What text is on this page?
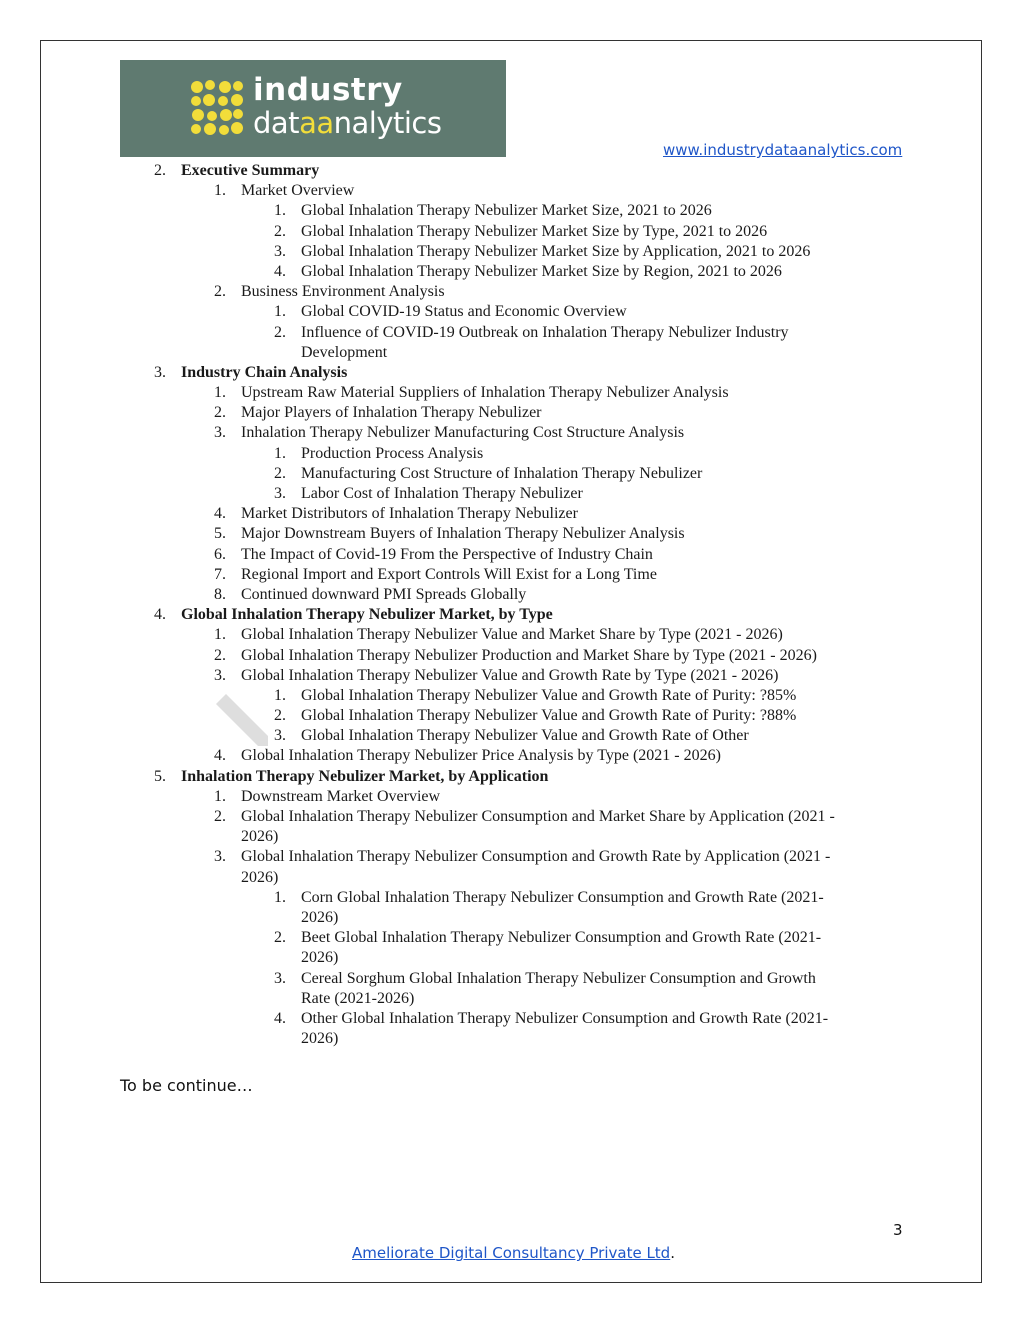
industry
dataanalytics
www.industrydataanalytics.com
2. Executive Summary
1. Market Overview
1. Global Inhalation Therapy Nebulizer Market Size, 2021 to 2026
2. Global Inhalation Therapy Nebulizer Market Size by Type, 2021 to 2026
3. Global Inhalation Therapy Nebulizer Market Size by Application, 2021 to 2026
4. Global Inhalation Therapy Nebulizer Market Size by Region, 2021 to 2026
2. Business Environment Analysis
1. Global COVID-19 Status and Economic Overview
2. Influence of COVID-19 Outbreak on Inhalation Therapy Nebulizer Industry
Development
3. Industry Chain Analysis
1. Upstream Raw Material Suppliers of Inhalation Therapy Nebulizer Analysis
2. Major Players of Inhalation Therapy Nebulizer
3. Inhalation Therapy Nebulizer Manufacturing Cost Structure Analysis
1. Production Process Analysis
2. Manufacturing Cost Structure of Inhalation Therapy Nebulizer
3. Labor Cost of Inhalation Therapy Nebulizer
4. Market Distributors of Inhalation Therapy Nebulizer
5. Major Downstream Buyers of Inhalation Therapy Nebulizer Analysis
6. The Impact of Covid-19 From the Perspective of Industry Chain
7. Regional Import and Export Controls Will Exist for a Long Time
8. Continued downward PMI Spreads Globally
4. Global Inhalation Therapy Nebulizer Market, by Type
1. Global Inhalation Therapy Nebulizer Value and Market Share by Type (2021 - 2026)
2. Global Inhalation Therapy Nebulizer Production and Market Share by Type (2021 - 2026)
3. Global Inhalation Therapy Nebulizer Value and Growth Rate by Type (2021 - 2026)
1. Global Inhalation Therapy Nebulizer Value and Growth Rate of Purity: ?85%
2. Global Inhalation Therapy Nebulizer Value and Growth Rate of Purity: ?88%
3. Global Inhalation Therapy Nebulizer Value and Growth Rate of Other
4. Global Inhalation Therapy Nebulizer Price Analysis by Type (2021 - 2026)
5. Inhalation Therapy Nebulizer Market, by Application
1. Downstream Market Overview
2. Global Inhalation Therapy Nebulizer Consumption and Market Share by Application (2021 -
2026)
3. Global Inhalation Therapy Nebulizer Consumption and Growth Rate by Application (2021 -
2026)
1. Corn Global Inhalation Therapy Nebulizer Consumption and Growth Rate (2021-
2026)
2. Beet Global Inhalation Therapy Nebulizer Consumption and Growth Rate (2021-
2026)
3. Cereal Sorghum Global Inhalation Therapy Nebulizer Consumption and Growth
Rate (2021-2026)
4. Other Global Inhalation Therapy Nebulizer Consumption and Growth Rate (2021-
2026)
To be continue…
3
Ameliorate Digital Consultancy Private Ltd.
